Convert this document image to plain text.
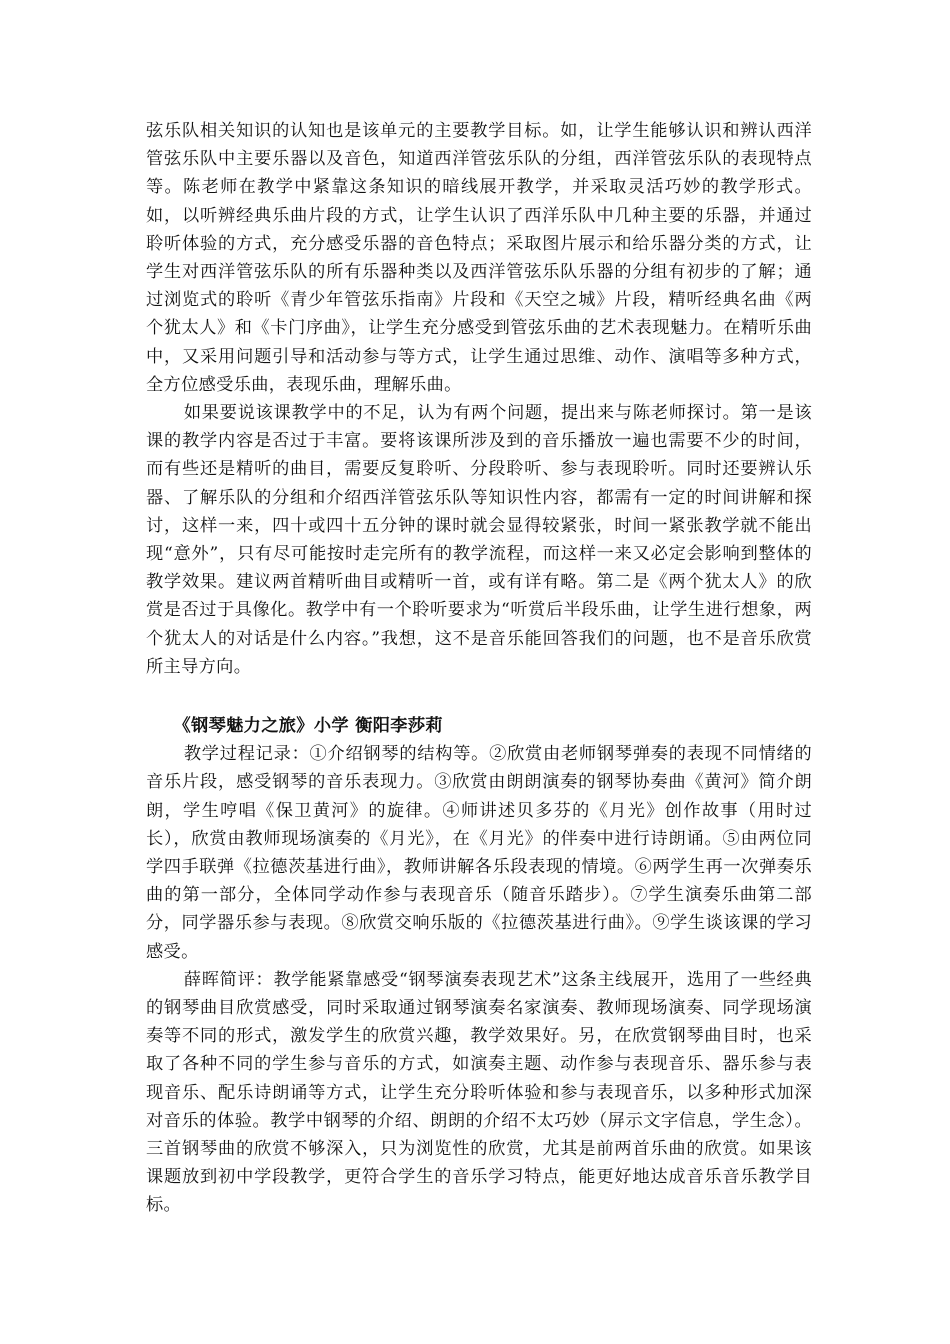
弦乐队相关知识的认知也是该单元的主要教学目标。如，让学生能够认识和辨认西洋管弦乐队中主要乐器以及音色，知道西洋管弦乐队的分组，西洋管弦乐队的表现特点等。陈老师在教学中紧靠这条知识的暗线展开教学，并采取灵活巧妙的教学形式。如，以听辨经典乐曲片段的方式，让学生认识了西洋乐队中几种主要的乐器，并通过聆听体验的方式，充分感受乐器的音色特点；采取图片展示和给乐器分类的方式，让学生对西洋管弦乐队的所有乐器种类以及西洋管弦乐队乐器的分组有初步的了解；通过浏览式的聆听《青少年管弦乐指南》片段和《天空之城》片段，精听经典名曲《两个犹太人》和《卡门序曲》，让学生充分感受到管弦乐曲的艺术表现魅力。在精听乐曲中，又采用问题引导和活动参与等方式，让学生通过思维、动作、演唱等多种方式，全方位感受乐曲，表现乐曲，理解乐曲。

如果要说该课教学中的不足，认为有两个问题，提出来与陈老师探讨。第一是该课的教学内容是否过于丰富。要将该课所涉及到的音乐播放一遍也需要不少的时间，而有些还是精听的曲目，需要反复聆听、分段聆听、参与表现聆听。同时还要辨认乐器、了解乐队的分组和介绍西洋管弦乐队等知识性内容，都需有一定的时间讲解和探讨，这样一来，四十或四十五分钟的课时就会显得较紧张，时间一紧张教学就不能出现“意外”，只有尽可能按时走完所有的教学流程，而这样一来又必定会影响到整体的教学效果。建议两首精听曲目或精听一首，或有详有略。第二是《两个犹太人》的欣赏是否过于具像化。教学中有一个聆听要求为“听赏后半段乐曲，让学生进行想象，两个犹太人的对话是什么内容。”我想，这不是音乐能回答我们的问题，也不是音乐欣赏所主导方向。

《钢琴魅力之旅》小学 衡阳李莎莉

教学过程记录：①介绍钢琴的结构等。②欣赏由老师钢琴弹奏的表现不同情绪的音乐片段，感受钢琴的音乐表现力。③欣赏由朗朗演奏的钢琴协奏曲《黄河》简介朗朗，学生哼唱《保卫黄河》的旋律。④师讲述贝多芬的《月光》创作故事（用时过长），欣赏由教师现场演奏的《月光》，在《月光》的伴奏中进行诗朗诵。⑤由两位同学四手联弹《拉德茨基进行曲》，教师讲解各乐段表现的情境。⑥两学生再一次弹奏乐曲的第一部分，全体同学动作参与表现音乐（随音乐踏步）。⑦学生演奏乐曲第二部分，同学器乐参与表现。⑧欣赏交响乐版的《拉德茨基进行曲》。⑨学生谈该课的学习感受。

薛晖简评：教学能紧靠感受“钢琴演奏表现艺术”这条主线展开，选用了一些经典的钢琴曲目欣赏感受，同时采取通过钢琴演奏名家演奏、教师现场演奏、同学现场演奏等不同的形式，激发学生的欣赏兴趣，教学效果好。另，在欣赏钢琴曲目时，也采取了各种不同的学生参与音乐的方式，如演奏主题、动作参与表现音乐、器乐参与表现音乐、配乐诗朗诵等方式，让学生充分聆听体验和参与表现音乐，以多种形式加深对音乐的体验。教学中钢琴的介绍、朗朗的介绍不太巧妙（屏示文字信息，学生念）。三首钢琴曲的欣赏不够深入，只为浏览性的欣赏，尤其是前两首乐曲的欣赏。如果该课题放到初中学段教学，更符合学生的音乐学习特点，能更好地达成音乐音乐教学目标。
